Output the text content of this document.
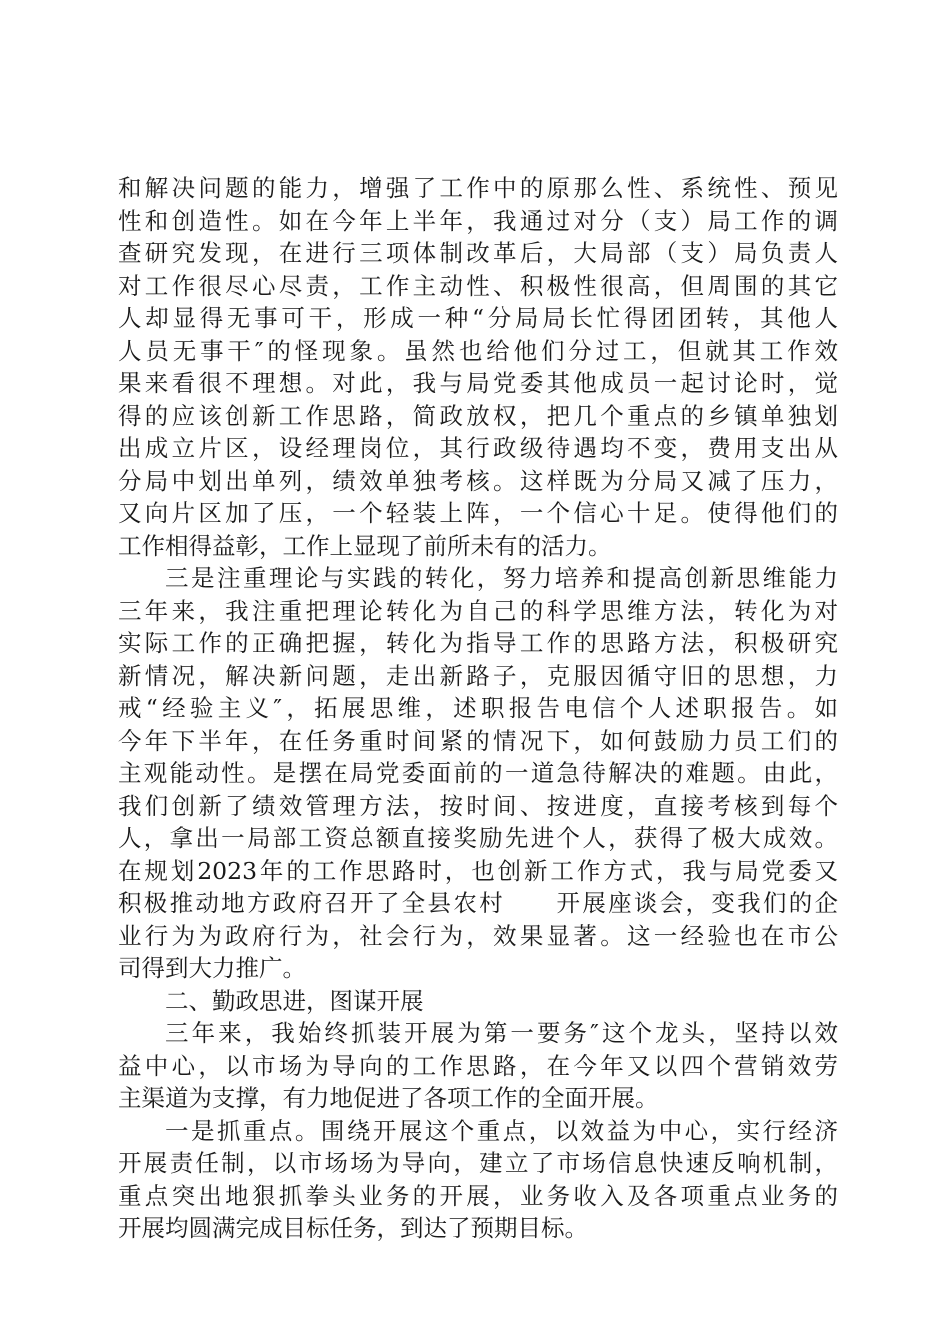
和解决问题的能力，增强了工作中的原那么性、系统性、预见
性和创造性。如在今年上半年，我通过对分（支）局工作的调
查研究发现，在进行三项体制改革后，大局部（支）局负责人
对工作很尽心尽责，工作主动性、积极性很高，但周围的其它
人却显得无事可干，形成一种“分局局长忙得团团转，其他人
人员无事干″的怪现象。虽然也给他们分过工，但就其工作效
果来看很不理想。对此，我与局党委其他成员一起讨论时，觉
得的应该创新工作思路，简政放权，把几个重点的乡镇单独划
出成立片区，设经理岗位，其行政级待遇均不变，费用支出从
分局中划出单列，绩效单独考核。这样既为分局又减了压力，
又向片区加了压，一个轻装上阵，一个信心十足。使得他们的
工作相得益彰，工作上显现了前所未有的活力。
三是注重理论与实践的转化，努力培养和提高创新思维能力
三年来，我注重把理论转化为自己的科学思维方法，转化为对
实际工作的正确把握，转化为指导工作的思路方法，积极研究
新情况，解决新问题，走出新路子，克服因循守旧的思想，力
戒“经验主义″，拓展思维，述职报告电信个人述职报告。如
今年下半年，在任务重时间紧的情况下，如何鼓励力员工们的
主观能动性。是摆在局党委面前的一道急待解决的难题。由此，
我们创新了绩效管理方法，按时间、按进度，直接考核到每个
人，拿出一局部工资总额直接奖励先进个人，获得了极大成效。
在规划2023年的工作思路时，也创新工作方式，我与局党委又
积极推动地方政府召开了全县农村　　开展座谈会，变我们的企
业行为为政府行为，社会行为，效果显著。这一经验也在市公
司得到大力推广。
二、勤政思进，图谋开展
三年来，我始终抓装开展为第一要务″这个龙头，坚持以效
益中心，以市场为导向的工作思路，在今年又以四个营销效劳
主渠道为支撑，有力地促进了各项工作的全面开展。
一是抓重点。围绕开展这个重点，以效益为中心，实行经济
开展责任制，以市场场为导向，建立了市场信息快速反响机制，
重点突出地狠抓拳头业务的开展，业务收入及各项重点业务的
开展均圆满完成目标任务，到达了预期目标。
